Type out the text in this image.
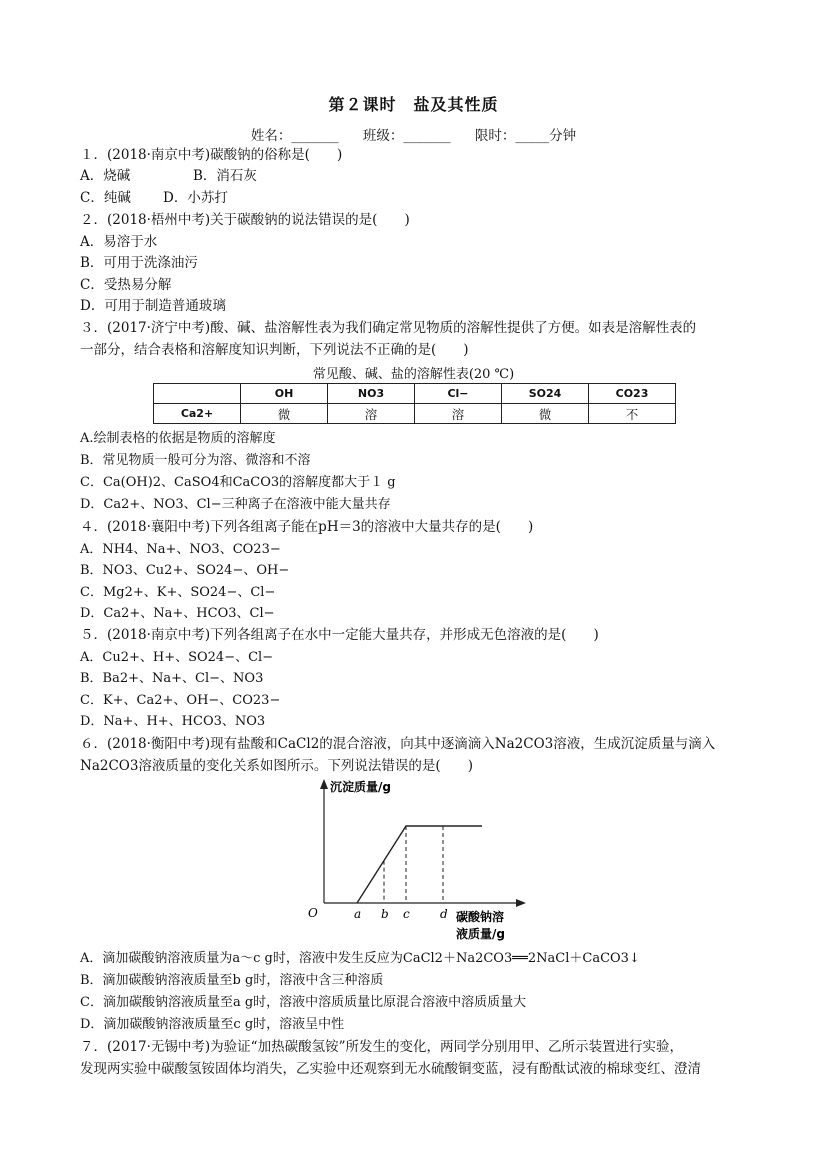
第２课时　盐及其性质
姓名：_______ 班级：_______ 限时：_____分钟
１．(2018·南京中考)碳酸钠的俗称是(　　)
A．烧碱	B．消石灰
C．纯碱 D．小苏打
２．(2018·梧州中考)关于碳酸钠的说法错误的是(　　)
A．易溶于水
B．可用于洗涤油污
C．受热易分解
D．可用于制造普通玻璃
３．(2017·济宁中考)酸、碱、盐溶解性表为我们确定常见物质的溶解性提供了方便。如表是溶解性表的
一部分，结合表格和溶解度知识判断，下列说法不正确的是(　　)
常见酸、碱、盐的溶解性表(20 ℃)
	OH	NO3	Cl−	SO24	CO23
Ca2+	微	溶	溶	微	不
A.绘制表格的依据是物质的溶解度
B．常见物质一般可分为溶、微溶和不溶
C．Ca(OH)2、CaSO4和CaCO3的溶解度都大于１ g
D．Ca2+、NO3、Cl−三种离子在溶液中能大量共存
４．(2018·襄阳中考)下列各组离子能在pH＝3的溶液中大量共存的是(　　)
A．NH4、Na+、NO3、CO23−
B．NO3、Cu2+、SO24−、OH−
C．Mg2+、K+、SO24−、Cl−
D．Ca2+、Na+、HCO3、Cl−
５．(2018·南京中考)下列各组离子在水中一定能大量共存，并形成无色溶液的是(　　)
A．Cu2+、H+、SO24−、Cl−
B．Ba2+、Na+、Cl−、NO3
C．K+、Ca2+、OH−、CO23−
D．Na+、H+、HCO3、NO3
６．(2018·衡阳中考)现有盐酸和CaCl2的混合溶液，向其中逐滴滴入Na2CO3溶液，生成沉淀质量与滴入
Na2CO3溶液质量的变化关系如图所示。下列说法错误的是(　　)
沉淀质量/g
O	碳酸钠溶
液质量/g
a b c	d
A．滴加碳酸钠溶液质量为a～c g时，溶液中发生反应为CaCl2＋Na2CO3══2NaCl＋CaCO3↓
B．滴加碳酸钠溶液质量至b g时，溶液中含三种溶质
C．滴加碳酸钠溶液质量至a g时，溶液中溶质质量比原混合溶液中溶质质量大
D．滴加碳酸钠溶液质量至c g时，溶液呈中性
７．(2017·无锡中考)为验证“加热碳酸氢铵”所发生的变化，两同学分别用甲、乙所示装置进行实验，
发现两实验中碳酸氢铵固体均消失，乙实验中还观察到无水硫酸铜变蓝，浸有酚酞试液的棉球变红、澄清
